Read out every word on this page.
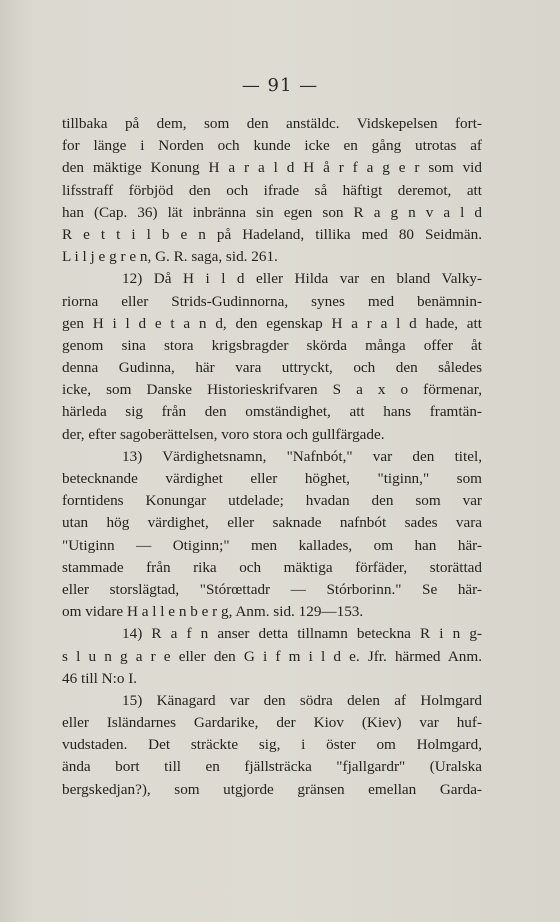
— 91 —
tillbaka på dem, som den anstäldc. Vidskepelsen fort-
for länge i Norden och kunde icke en gång utrotas af
den mäktige Konung H a r a l d H å r f a g e r som vid
lifsstraff förbjöd den och ifrade så häftigt deremot, att
han (Cap. 36) lät inbränna sin egen son R a g n v a l d
R e t t i l b e n på Hadeland, tillika med 80 Seidmän.
L i l j e g r e n, G. R. saga, sid. 261.
12) Då H i l d eller Hilda var en bland Valky-
riorna eller Strids-Gudinnorna, synes med benämnin-
gen H i l d e t a n d, den egenskap H a r a l d hade, att
genom sina stora krigsbragder skörda många offer åt
denna Gudinna, här vara uttryckt, och den således
icke, som Danske Historieskrifvaren S a x o förmenar,
härleda sig från den omständighet, att hans framtän-
der, efter sagoberättelsen, voro stora och gullfärgade.
13) Värdighetsnamn, "Nafnbót," var den titel,
betecknande värdighet eller höghet, "tiginn," som
forntidens Konungar utdelade; hvadan den som var
utan hög värdighet, eller saknade nafnbót sades vara
"Utiginn — Otiginn;" men kallades, om han här-
stammade från rika och mäktiga förfäder, storättad
eller storslägtad, "Stórœttadr — Stórborinn." Se här-
om vidare H a l l e n b e r g, Anm. sid. 129—153.
14) R a f n anser detta tillnamn betecknа R i n g-
s l u n g a r e eller den G i f m i l d e. Jfr. härmed Anm.
46 till N:o I.
15) Känagard var den södra delen af Holmgard
eller Isländarnes Gardarike, der Kiov (Kiev) var huf-
vudstaden. Det sträckte sig, i öster om Holmgard,
ända bort till en fjällsträcka "fjallgardr" (Uralska
bergskedjan?), som utgjorde gränsen emellan Garda-
